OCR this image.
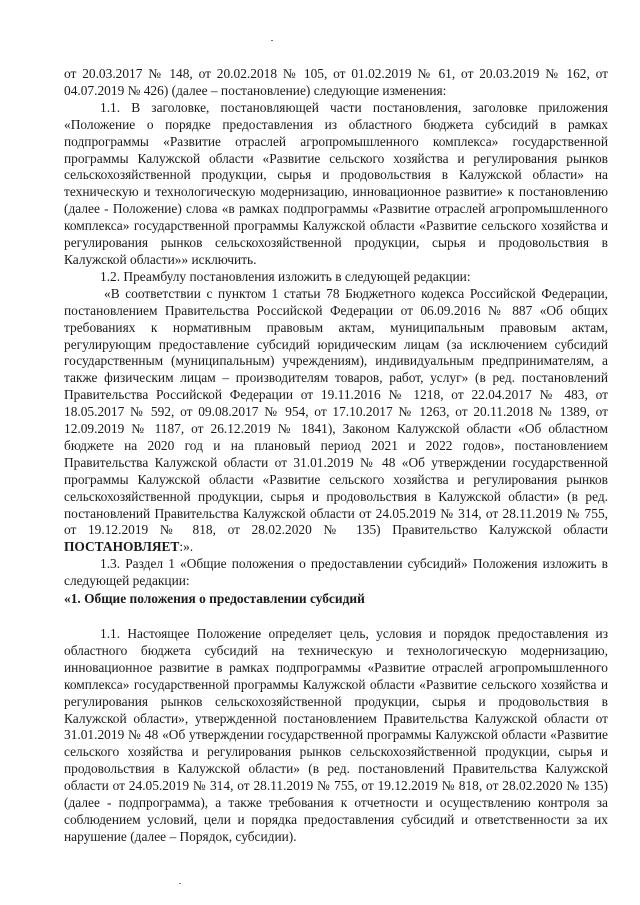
от 20.03.2017 № 148, от 20.02.2018 № 105, от 01.02.2019 № 61, от 20.03.2019 № 162, от 04.07.2019 № 426) (далее – постановление) следующие изменения:

1.1. В заголовке, постановляющей части постановления, заголовке приложения «Положение о порядке предоставления из областного бюджета субсидий в рамках подпрограммы «Развитие отраслей агропромышленного комплекса» государственной программы Калужской области «Развитие сельского хозяйства и регулирования рынков сельскохозяйственной продукции, сырья и продовольствия в Калужской области» на техническую и технологическую модернизацию, инновационное развитие» к постановлению (далее - Положение) слова «в рамках подпрограммы «Развитие отраслей агропромышленного комплекса» государственной программы Калужской области «Развитие сельского хозяйства и регулирования рынков сельскохозяйственной продукции, сырья и продовольствия в Калужской области»» исключить.

1.2. Преамбулу постановления изложить в следующей редакции:

«В соответствии с пунктом 1 статьи 78 Бюджетного кодекса Российской Федерации, постановлением Правительства Российской Федерации от 06.09.2016 № 887 «Об общих требованиях к нормативным правовым актам, муниципальным правовым актам, регулирующим предоставление субсидий юридическим лицам (за исключением субсидий государственным (муниципальным) учреждениям), индивидуальным предпринимателям, а также физическим лицам – производителям товаров, работ, услуг» (в ред. постановлений Правительства Российской Федерации от 19.11.2016 № 1218, от 22.04.2017 № 483, от 18.05.2017 № 592, от 09.08.2017 № 954, от 17.10.2017 № 1263, от 20.11.2018 № 1389, от 12.09.2019 № 1187, от 26.12.2019 № 1841), Законом Калужской области «Об областном бюджете на 2020 год и на плановый период 2021 и 2022 годов», постановлением Правительства Калужской области от 31.01.2019 № 48 «Об утверждении государственной программы Калужской области «Развитие сельского хозяйства и регулирования рынков сельскохозяйственной продукции, сырья и продовольствия в Калужской области» (в ред. постановлений Правительства Калужской области от 24.05.2019 № 314, от 28.11.2019 № 755, от 19.12.2019 № 818, от 28.02.2020 № 135) Правительство Калужской области ПОСТАНОВЛЯЕТ:».

1.3. Раздел 1 «Общие положения о предоставлении субсидий» Положения изложить в следующей редакции:

«1. Общие положения о предоставлении субсидий

1.1. Настоящее Положение определяет цель, условия и порядок предоставления из областного бюджета субсидий на техническую и технологическую модернизацию, инновационное развитие в рамках подпрограммы «Развитие отраслей агропромышленного комплекса» государственной программы Калужской области «Развитие сельского хозяйства и регулирования рынков сельскохозяйственной продукции, сырья и продовольствия в Калужской области», утвержденной постановлением Правительства Калужской области от 31.01.2019 № 48 «Об утверждении государственной программы Калужской области «Развитие сельского хозяйства и регулирования рынков сельскохозяйственной продукции, сырья и продовольствия в Калужской области» (в ред. постановлений Правительства Калужской области от 24.05.2019 № 314, от 28.11.2019 № 755, от 19.12.2019 № 818, от 28.02.2020 № 135) (далее - подпрограмма), а также требования к отчетности и осуществлению контроля за соблюдением условий, цели и порядка предоставления субсидий и ответственности за их нарушение (далее – Порядок, субсидии).
